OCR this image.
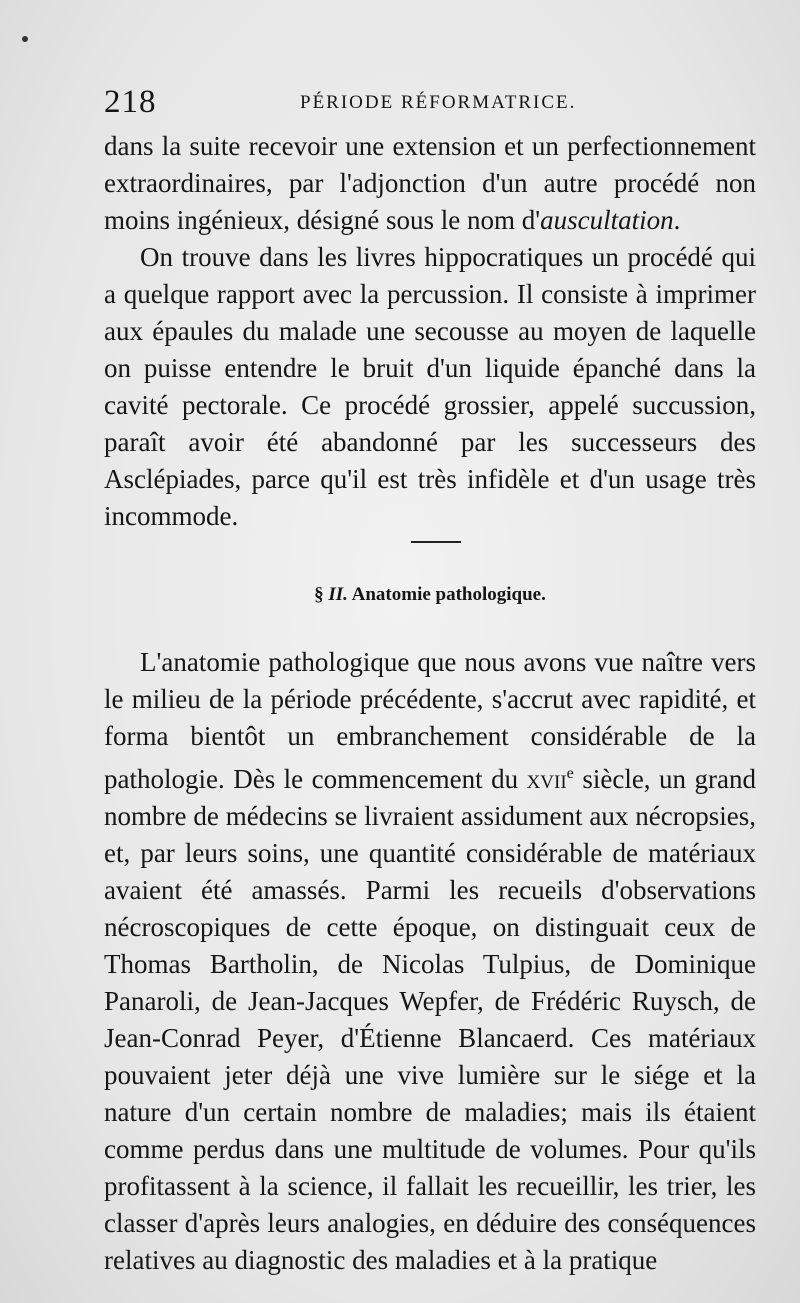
218	PÉRIODE RÉFORMATRICE.

dans la suite recevoir une extension et un perfectionnement extraordinaires, par l'adjonction d'un autre procédé non moins ingénieux, désigné sous le nom d'auscultation.

On trouve dans les livres hippocratiques un procédé qui a quelque rapport avec la percussion. Il consiste à imprimer aux épaules du malade une secousse au moyen de laquelle on puisse entendre le bruit d'un liquide épanché dans la cavité pectorale. Ce procédé grossier, appelé succussion, paraît avoir été abandonné par les successeurs des Asclépiades, parce qu'il est très infidèle et d'un usage très incommode.

§ II. Anatomie pathologique.

L'anatomie pathologique que nous avons vue naître vers le milieu de la période précédente, s'accrut avec rapidité, et forma bientôt un embranchement considérable de la pathologie. Dès le commencement du xvii$^e$ siècle, un grand nombre de médecins se livraient assidument aux nécropsies, et, par leurs soins, une quantité considérable de matériaux avaient été amassés. Parmi les recueils d'observations nécroscopiques de cette époque, on distinguait ceux de Thomas Bartholin, de Nicolas Tulpius, de Dominique Panaroli, de Jean-Jacques Wepfer, de Frédéric Ruysch, de Jean-Conrad Peyer, d'Étienne Blancaerd. Ces matériaux pouvaient jeter déjà une vive lumière sur le siége et la nature d'un certain nombre de maladies; mais ils étaient comme perdus dans une multitude de volumes. Pour qu'ils profitassent à la science, il fallait les recueillir, les trier, les classer d'après leurs analogies, en déduire des conséquences relatives au diagnostic des maladies et à la pratique
